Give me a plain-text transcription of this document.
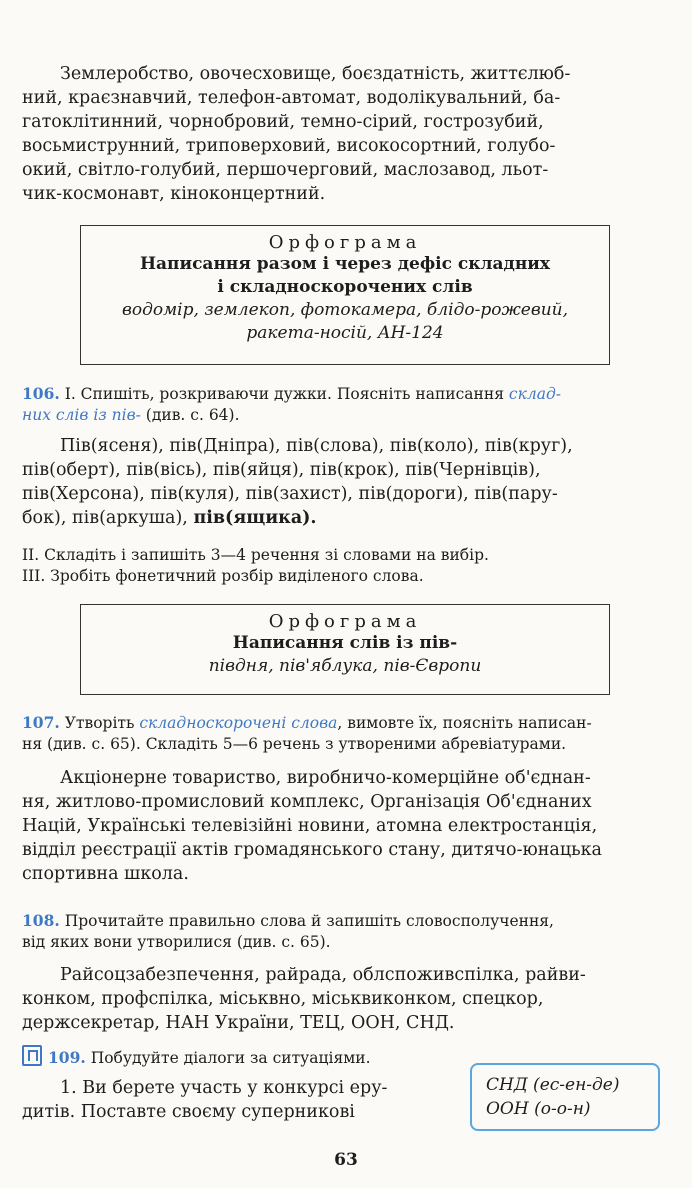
Землеробство, овочесховище, боєздатність, життєлюб-
ний, краєзнавчий, телефон-автомат, водолікувальний, ба-
гатоклітинний, чорнобровий, темно-сірий, гострозубий,
восьмиструнний, триповерховий, високосортний, голубо-
окий, світло-голубий, першочерговий, маслозавод, льот-
чик-космонавт, кіноконцертний.
Орфограма
Написання разом і через дефіс складних
і складноскорочених слів
водомір, землекоп, фотокамера, блідо-рожевий,
ракета-носій, АН-124
106. I. Спишіть, розкриваючи дужки. Поясніть написання склад-
них слів із пів- (див. с. 64).
Пів(ясеня), пів(Дніпра), пів(слова), пів(коло), пів(круг),
пів(оберт), пів(вісь), пів(яйця), пів(крок), пів(Чернівців),
пів(Херсона), пів(куля), пів(захист), пів(дороги), пів(пару-
бок), пів(аркуша), пів(ящика).
II. Складіть і запишіть 3—4 речення зі словами на вибір.
III. Зробіть фонетичний розбір виділеного слова.
Орфограма
Написання слів із пів-
півдня, пів'яблука, пів-Європи
107. Утворіть складноскорочені слова, вимовте їх, поясніть написан-
ня (див. с. 65). Складіть 5—6 речень з утвореними абревіатурами.
Акціонерне товариство, виробничо-комерційне об'єднан-
ня, житлово-промисловий комплекс, Організація Об'єднаних
Націй, Українські телевізійні новини, атомна електростанція,
відділ реєстрації актів громадянського стану, дитячо-юнацька
спортивна школа.
108. Прочитайте правильно слова й запишіть словосполучення,
від яких вони утворилися (див. с. 65).
Райсоцзабезпечення, райрада, облспоживспілка, райви-
конком, профспілка, міськвно, міськвиконком, спецкор,
держсекретар, НАН України, ТЕЦ, ООН, СНД.
109. Побудуйте діалоги за ситуаціями.
1. Ви берете участь у конкурсі еру-
дитів. Поставте своєму суперникові
СНД (ес-ен-де)
ООН (о-о-н)
63
